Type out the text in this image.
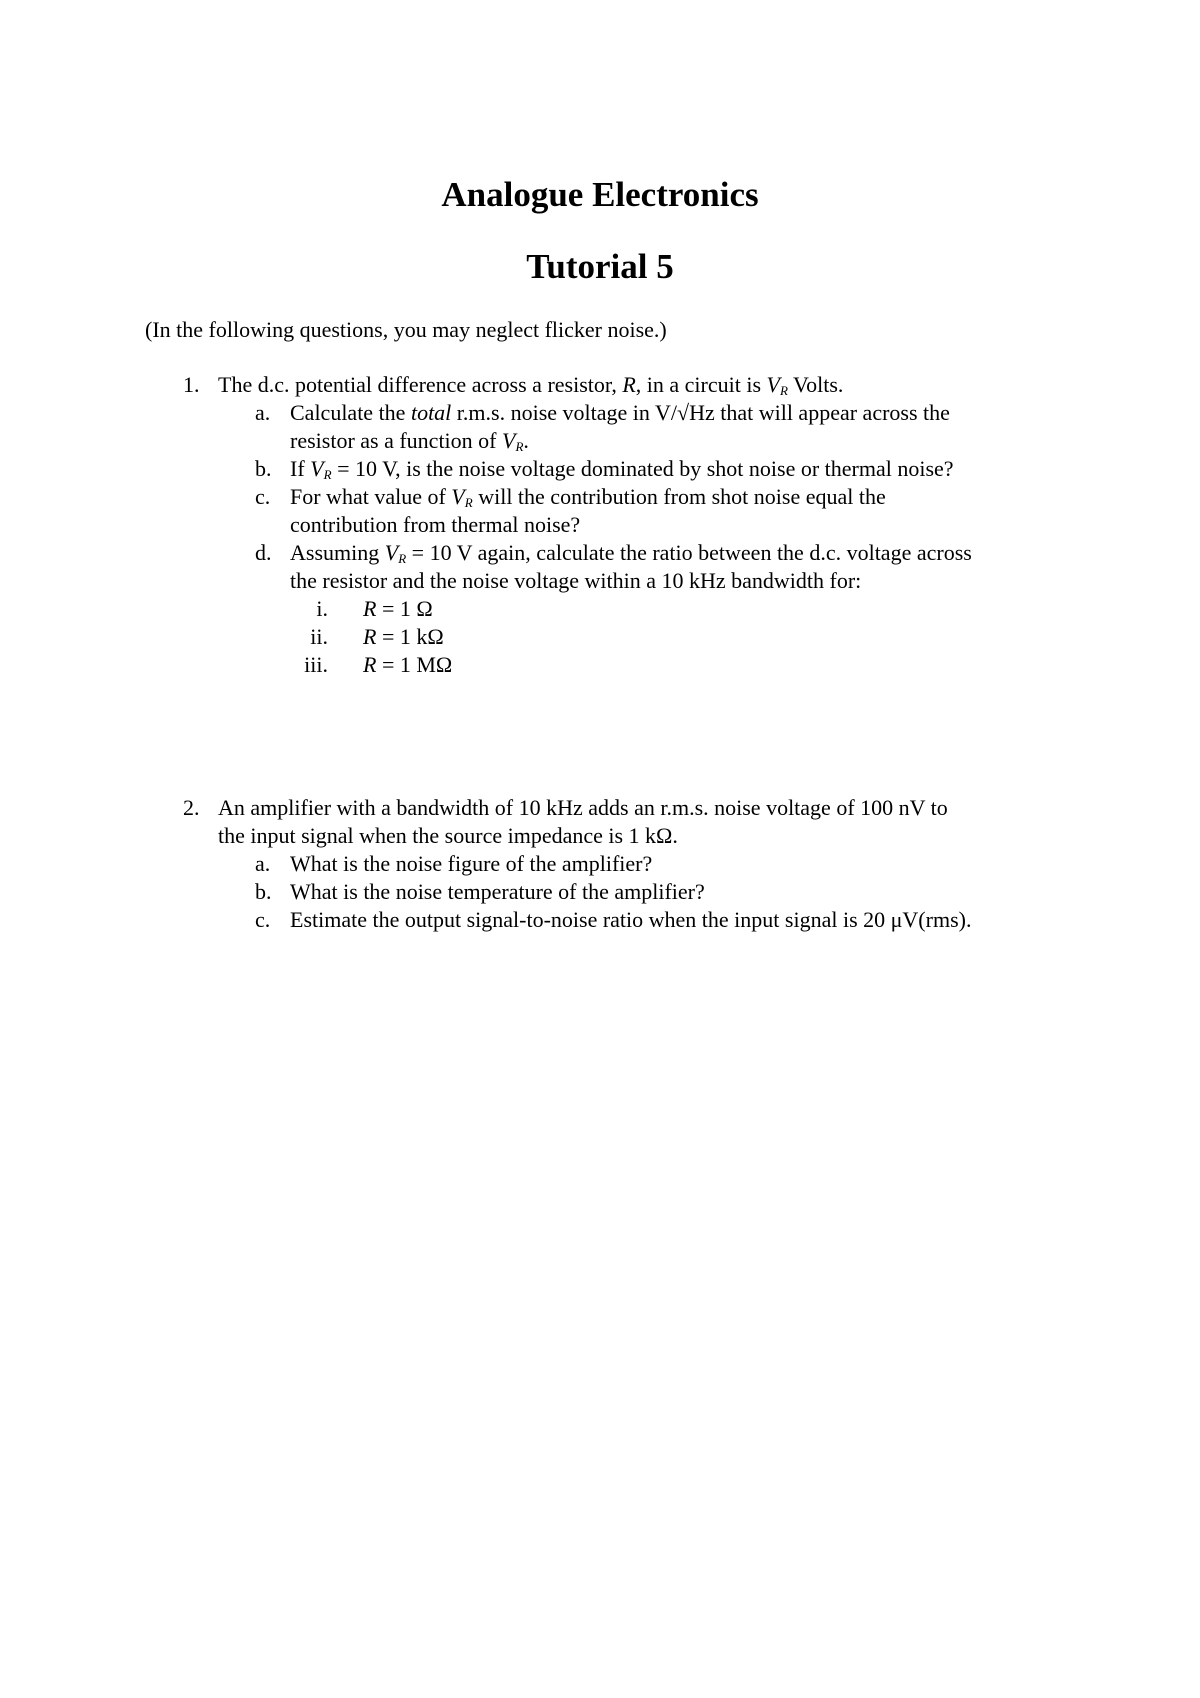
Analogue Electronics
Tutorial 5
(In the following questions, you may neglect flicker noise.)
1. The d.c. potential difference across a resistor, R, in a circuit is $V_R$ Volts.
a. Calculate the total r.m.s. noise voltage in V/√Hz that will appear across the
resistor as a function of $V_R$.
b. If $V_R = 10$ V, is the noise voltage dominated by shot noise or thermal noise?
c. For what value of $V_R$ will the contribution from shot noise equal the
contribution from thermal noise?
d. Assuming $V_R = 10$ V again, calculate the ratio between the d.c. voltage across
the resistor and the noise voltage within a 10 kHz bandwidth for:
i. R = 1 Ω
ii. R = 1 kΩ
iii. R = 1 MΩ
2. An amplifier with a bandwidth of 10 kHz adds an r.m.s. noise voltage of 100 nV to
the input signal when the source impedance is 1 kΩ.
a. What is the noise figure of the amplifier?
b. What is the noise temperature of the amplifier?
c. Estimate the output signal-to-noise ratio when the input signal is 20 μV(rms).
